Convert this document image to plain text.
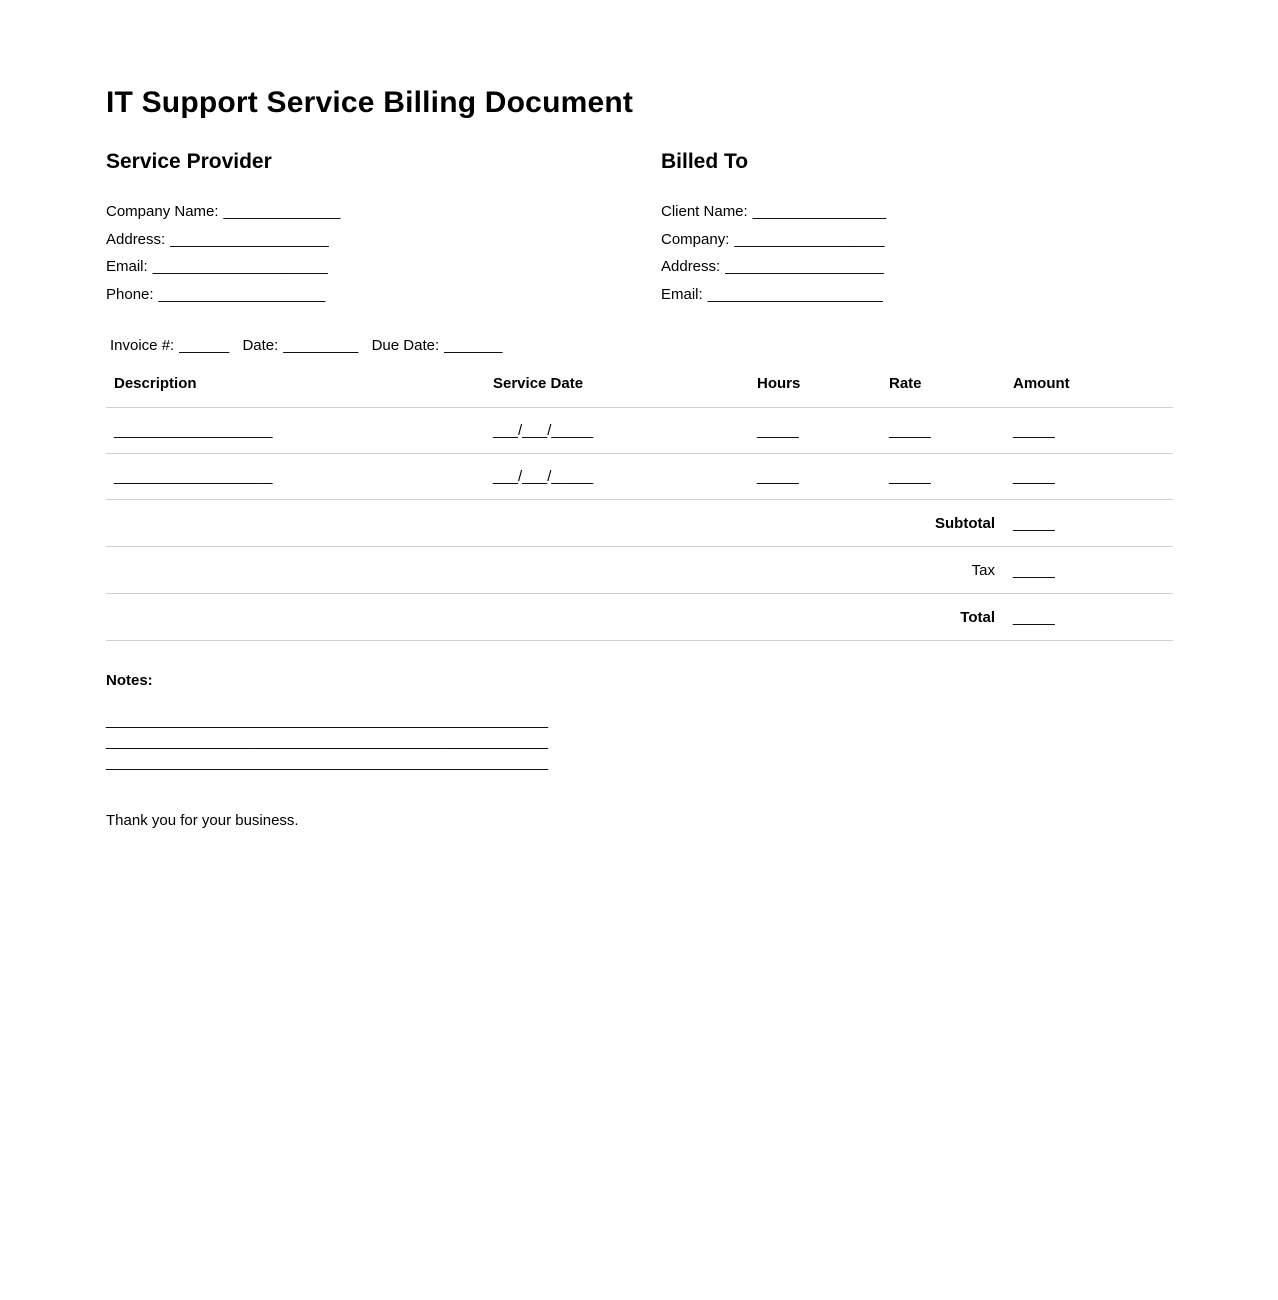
IT Support Service Billing Document
Service Provider
Company Name: ______________
Address: ___________________
Email: _____________________
Phone: ____________________
Billed To
Client Name: ________________
Company: __________________
Address: ___________________
Email: _____________________
Invoice #: ______ Date: _________ Due Date: _______
Description	Service Date	Hours	Rate	Amount
___________________	___/___/_____	_____	_____	_____
___________________	___/___/_____	_____	_____	_____
Subtotal	_____
Tax	_____
Total	_____
Notes:
_____________________________________________________
_____________________________________________________
_____________________________________________________

Thank you for your business.
